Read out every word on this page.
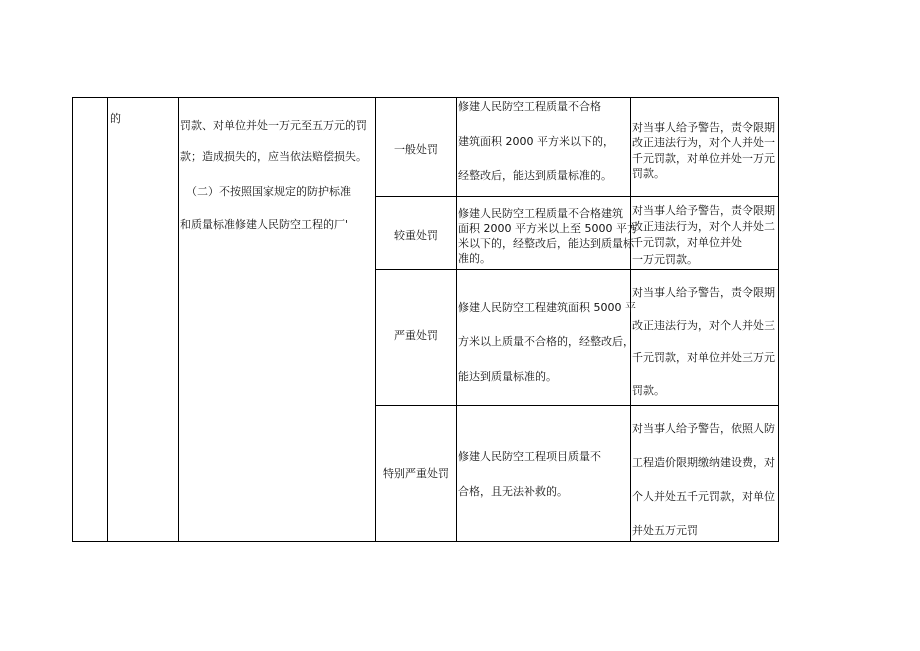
的
罚款、对单位并处一万元至五万元的罚
款；造成损失的，应当依法赔偿损失。
（二）不按照国家规定的防护标准
和质量标准修建人民防空工程的厂'
一般处罚
修建人民防空工程质量不合格
建筑面积 2000 平方米以下的，
经整改后，能达到质量标准的。
对当事人给予警告，责令限期
改正违法行为，对个人并处一
千元罚款，对单位并处一万元
罚款。
较重处罚
修建人民防空工程质量不合格建筑
面积 2000 平方米以上至 5000 平方
米以下的，经整改后，能达到质量标
准的。
对当事人给予警告，责令限期
改正违法行为，对个人并处二
千元罚款，对单位并处
一万元罚款。
严重处罚
修建人民防空工程建筑面积 5000 平
方米以上质量不合格的，经整改后，
能达到质量标准的。
对当事人给予警告，责令限期
改正违法行为，对个人并处三
千元罚款，对单位并处三万元
罚款。
特别严重处罚
修建人民防空工程项目质量不
合格，且无法补救的。
对当事人给予警告，依照人防
工程造价限期缴纳建设费，对
个人并处五千元罚款，对单位
并处五万元罚
